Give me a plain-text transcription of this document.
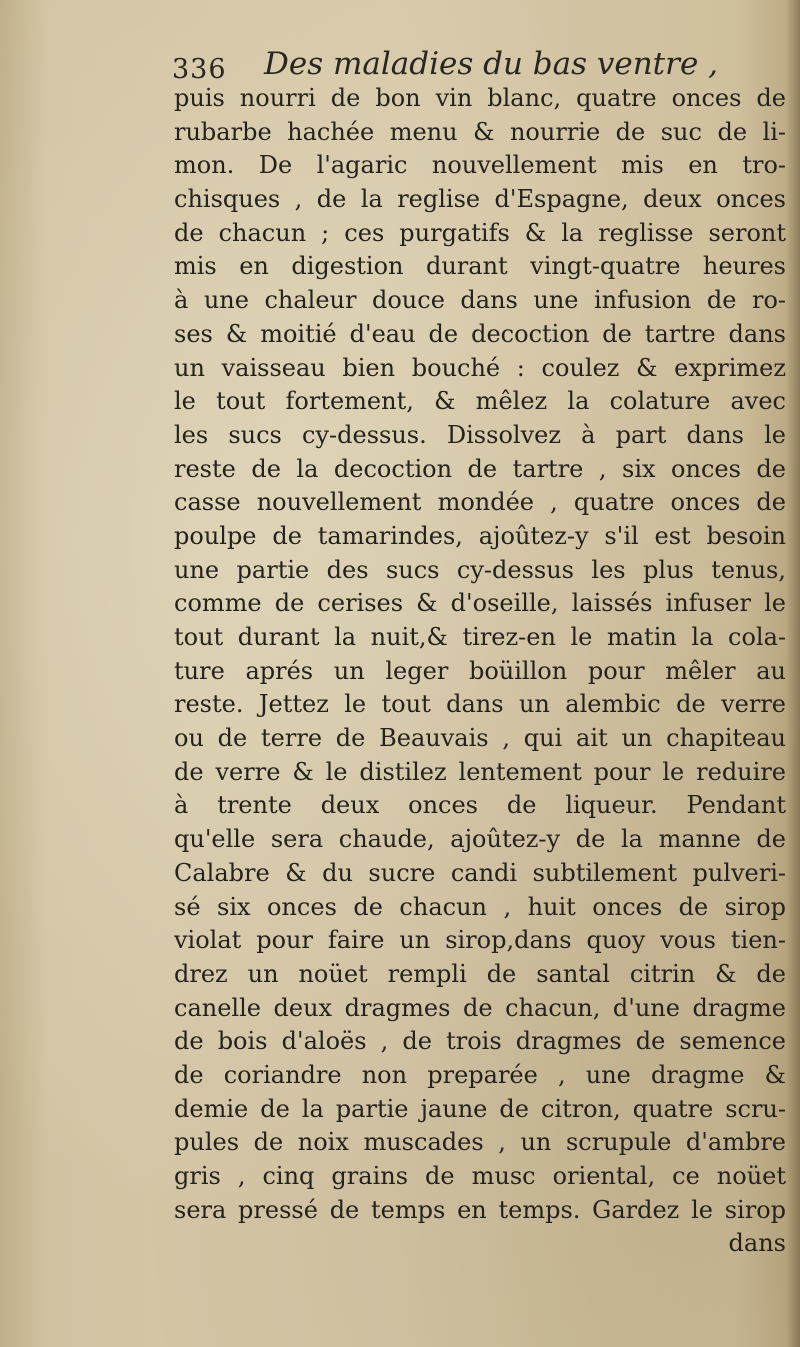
336 Des maladies du bas ventre ,
puis nourri de bon vin blanc, quatre onces de
rubarbe hachée menu & nourrie de suc de li-
mon. De l'agaric nouvellement mis en tro-
chisques , de la reglise d'Espagne, deux onces
de chacun ; ces purgatifs & la reglisse seront
mis en digestion durant vingt-quatre heures
à une chaleur douce dans une infusion de ro-
ses & moitié d'eau de decoction de tartre dans
un vaisseau bien bouché : coulez & exprimez
le tout fortement, & mêlez la colature avec
les sucs cy-dessus. Dissolvez à part dans le
reste de la decoction de tartre , six onces de
casse nouvellement mondée , quatre onces de
poulpe de tamarindes, ajoûtez-y s'il est besoin
une partie des sucs cy-dessus les plus tenus,
comme de cerises & d'oseille, laissés infuser le
tout durant la nuit,& tirez-en le matin la cola-
ture aprés un leger boüillon pour mêler au
reste. Jettez le tout dans un alembic de verre
ou de terre de Beauvais , qui ait un chapiteau
de verre & le distilez lentement pour le reduire
à trente deux onces de liqueur. Pendant
qu'elle sera chaude, ajoûtez-y de la manne de
Calabre & du sucre candi subtilement pulveri-
sé six onces de chacun , huit onces de sirop
violat pour faire un sirop,dans quoy vous tien-
drez un noüet rempli de santal citrin & de
canelle deux dragmes de chacun, d'une dragme
de bois d'aloës , de trois dragmes de semence
de coriandre non preparée , une dragme &
demie de la partie jaune de citron, quatre scru-
pules de noix muscades , un scrupule d'ambre
gris , cinq grains de musc oriental, ce noüet
sera pressé de temps en temps. Gardez le sirop
dans
